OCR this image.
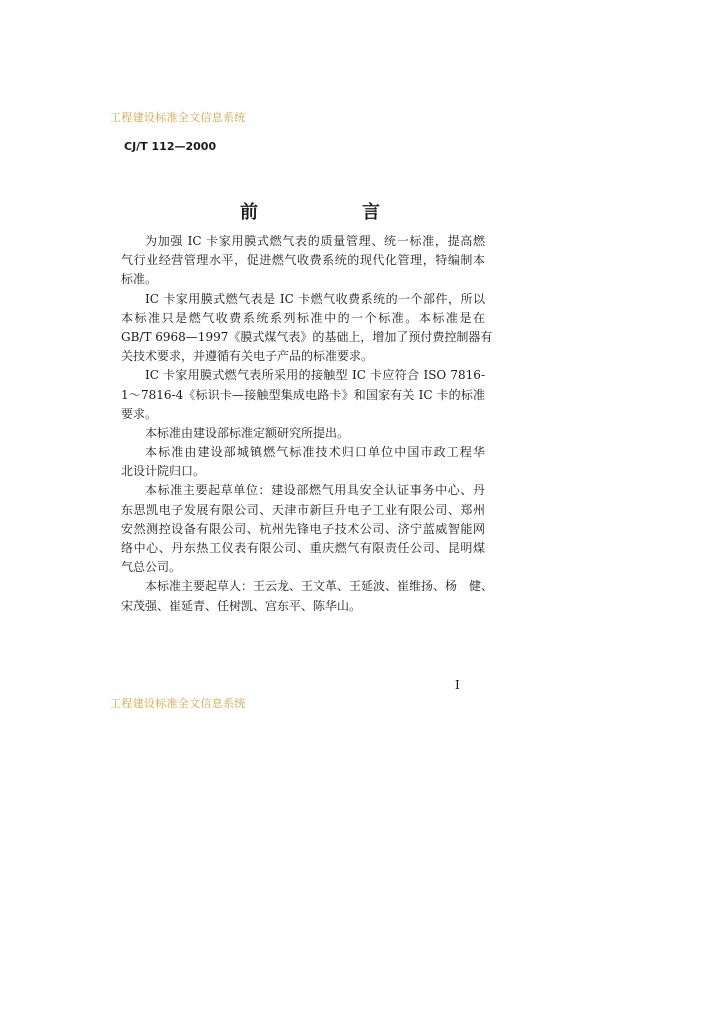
工程建设标准全文信息系统
CJ/T 112—2000
前	言
为加强 IC 卡家用膜式燃气表的质量管理、统一标准，提高燃
气行业经营管理水平，促进燃气收费系统的现代化管理，特编制本
标准。
IC 卡家用膜式燃气表是 IC 卡燃气收费系统的一个部件，所以
本标准只是燃气收费系统系列标准中的一个标准。本标准是在
GB/T 6968—1997《膜式煤气表》的基础上，增加了预付费控制器有
关技术要求，并遵循有关电子产品的标准要求。
IC 卡家用膜式燃气表所采用的接触型 IC 卡应符合 ISO 7816-
1～7816-4《标识卡—接触型集成电路卡》和国家有关 IC 卡的标准
要求。
本标准由建设部标准定额研究所提出。
本标准由建设部城镇燃气标准技术归口单位中国市政工程华
北设计院归口。
本标准主要起草单位：建设部燃气用具安全认证事务中心、丹
东思凯电子发展有限公司、天津市新巨升电子工业有限公司、郑州
安然测控设备有限公司、杭州先锋电子技术公司、济宁蓝威智能网
络中心、丹东热工仪表有限公司、重庆燃气有限责任公司、昆明煤
气总公司。
本标准主要起草人：王云龙、王文革、王延波、崔维扬、杨　健、
宋茂强、崔延青、任树凯、宫东平、陈华山。
I
工程建设标准全文信息系统
